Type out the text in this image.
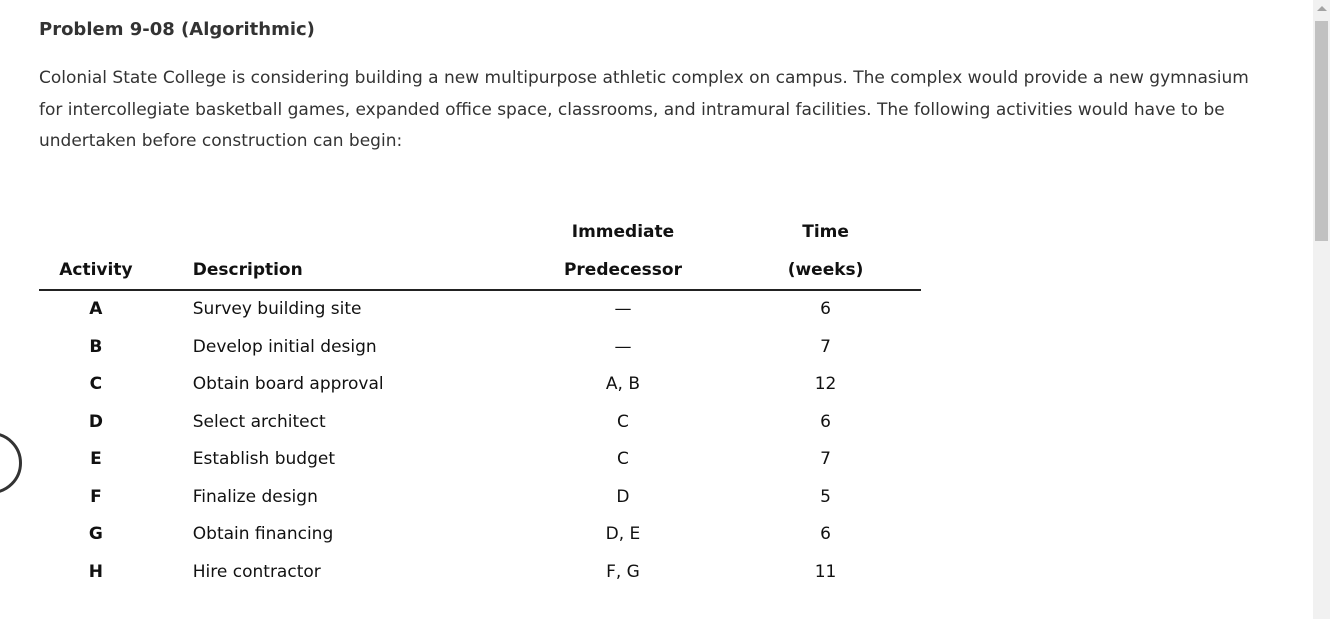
Problem 9-08 (Algorithmic)

Colonial State College is considering building a new multipurpose athletic complex on campus. The complex would provide a new gymnasium for intercollegiate basketball games, expanded office space, classrooms, and intramural facilities. The following activities would have to be undertaken before construction can begin:

		Immediate	Time
Activity	Description	Predecessor	(weeks)
A	Survey building site	—	6
B	Develop initial design	—	7
C	Obtain board approval	A, B	12
D	Select architect	C	6
E	Establish budget	C	7
F	Finalize design	D	5
G	Obtain financing	D, E	6
H	Hire contractor	F, G	11
